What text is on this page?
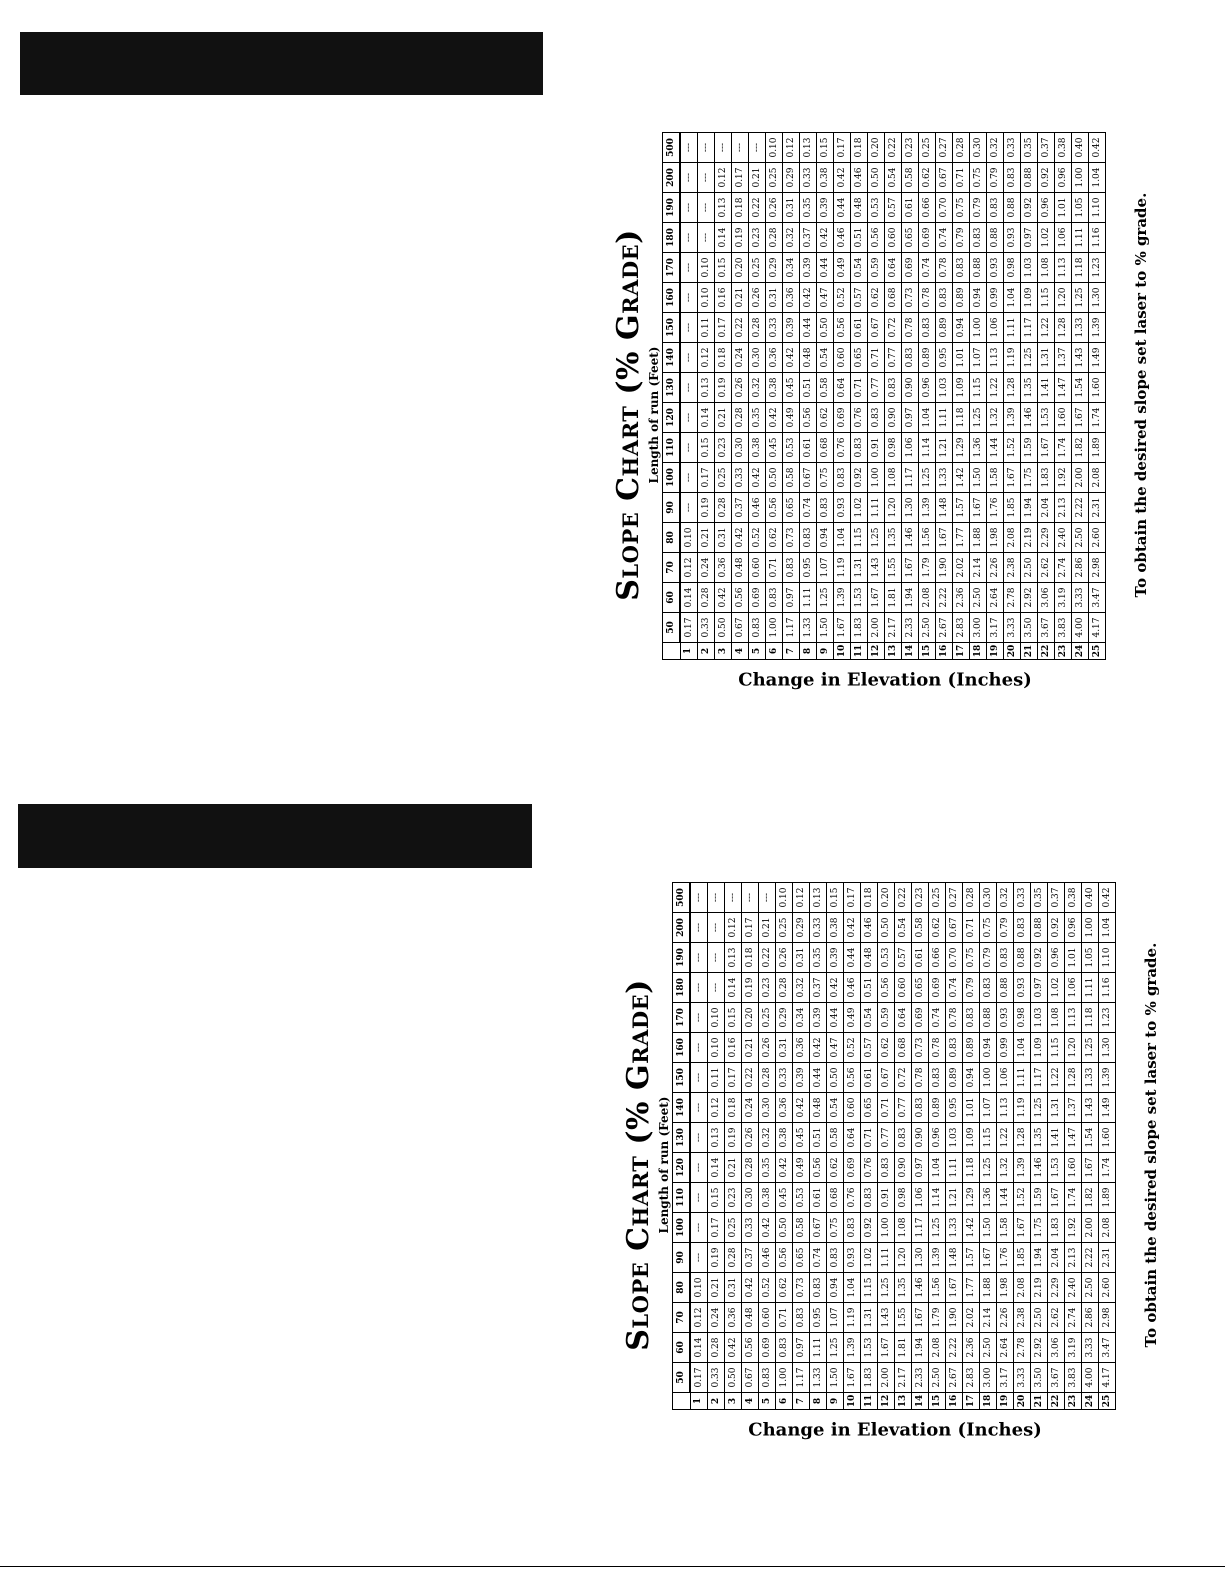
Slope Chart (% Grade) Length of run (Feet)
Change in Elevation (Inches)
	50	60	70	80	90	100	110	120	130	140	150	160	170	180	190	200	500
1	0.17	0.14	0.12	0.10	---	---	---	---	---	---	---	---	---	---	---	---	---
2	0.33	0.28	0.24	0.21	0.19	0.17	0.15	0.14	0.13	0.12	0.11	0.10	0.10	---	---	---	---
3	0.50	0.42	0.36	0.31	0.28	0.25	0.23	0.21	0.19	0.18	0.17	0.16	0.15	0.14	0.13	0.12	---
4	0.67	0.56	0.48	0.42	0.37	0.33	0.30	0.28	0.26	0.24	0.22	0.21	0.20	0.19	0.18	0.17	---
5	0.83	0.69	0.60	0.52	0.46	0.42	0.38	0.35	0.32	0.30	0.28	0.26	0.25	0.23	0.22	0.21	---
6	1.00	0.83	0.71	0.62	0.56	0.50	0.45	0.42	0.38	0.36	0.33	0.31	0.29	0.28	0.26	0.25	0.10
7	1.17	0.97	0.83	0.73	0.65	0.58	0.53	0.49	0.45	0.42	0.39	0.36	0.34	0.32	0.31	0.29	0.12
8	1.33	1.11	0.95	0.83	0.74	0.67	0.61	0.56	0.51	0.48	0.44	0.42	0.39	0.37	0.35	0.33	0.13
9	1.50	1.25	1.07	0.94	0.83	0.75	0.68	0.62	0.58	0.54	0.50	0.47	0.44	0.42	0.39	0.38	0.15
10	1.67	1.39	1.19	1.04	0.93	0.83	0.76	0.69	0.64	0.60	0.56	0.52	0.49	0.46	0.44	0.42	0.17
11	1.83	1.53	1.31	1.15	1.02	0.92	0.83	0.76	0.71	0.65	0.61	0.57	0.54	0.51	0.48	0.46	0.18
12	2.00	1.67	1.43	1.25	1.11	1.00	0.91	0.83	0.77	0.71	0.67	0.62	0.59	0.56	0.53	0.50	0.20
13	2.17	1.81	1.55	1.35	1.20	1.08	0.98	0.90	0.83	0.77	0.72	0.68	0.64	0.60	0.57	0.54	0.22
14	2.33	1.94	1.67	1.46	1.30	1.17	1.06	0.97	0.90	0.83	0.78	0.73	0.69	0.65	0.61	0.58	0.23
15	2.50	2.08	1.79	1.56	1.39	1.25	1.14	1.04	0.96	0.89	0.83	0.78	0.74	0.69	0.66	0.62	0.25
16	2.67	2.22	1.90	1.67	1.48	1.33	1.21	1.11	1.03	0.95	0.89	0.83	0.78	0.74	0.70	0.67	0.27
17	2.83	2.36	2.02	1.77	1.57	1.42	1.29	1.18	1.09	1.01	0.94	0.89	0.83	0.79	0.75	0.71	0.28
18	3.00	2.50	2.14	1.88	1.67	1.50	1.36	1.25	1.15	1.07	1.00	0.94	0.88	0.83	0.79	0.75	0.30
19	3.17	2.64	2.26	1.98	1.76	1.58	1.44	1.32	1.22	1.13	1.06	0.99	0.93	0.88	0.83	0.79	0.32
20	3.33	2.78	2.38	2.08	1.85	1.67	1.52	1.39	1.28	1.19	1.11	1.04	0.98	0.93	0.88	0.83	0.33
21	3.50	2.92	2.50	2.19	1.94	1.75	1.59	1.46	1.35	1.25	1.17	1.09	1.03	0.97	0.92	0.88	0.35
22	3.67	3.06	2.62	2.29	2.04	1.83	1.67	1.53	1.41	1.31	1.22	1.15	1.08	1.02	0.96	0.92	0.37
23	3.83	3.19	2.74	2.40	2.13	1.92	1.74	1.60	1.47	1.37	1.28	1.20	1.13	1.06	1.01	0.96	0.38
24	4.00	3.33	2.86	2.50	2.22	2.00	1.82	1.67	1.54	1.43	1.33	1.25	1.18	1.11	1.05	1.00	0.40
25	4.17	3.47	2.98	2.60	2.31	2.08	1.89	1.74	1.60	1.49	1.39	1.30	1.23	1.16	1.10	1.04	0.42
To obtain the desired slope set laser to % grade.
Slope Chart (% Grade) Length of run (Feet)
Change in Elevation (Inches)
	50	60	70	80	90	100	110	120	130	140	150	160	170	180	190	200	500
1	0.17	0.14	0.12	0.10	---	---	---	---	---	---	---	---	---	---	---	---	---
2	0.33	0.28	0.24	0.21	0.19	0.17	0.15	0.14	0.13	0.12	0.11	0.10	0.10	---	---	---	---
3	0.50	0.42	0.36	0.31	0.28	0.25	0.23	0.21	0.19	0.18	0.17	0.16	0.15	0.14	0.13	0.12	---
4	0.67	0.56	0.48	0.42	0.37	0.33	0.30	0.28	0.26	0.24	0.22	0.21	0.20	0.19	0.18	0.17	---
5	0.83	0.69	0.60	0.52	0.46	0.42	0.38	0.35	0.32	0.30	0.28	0.26	0.25	0.23	0.22	0.21	---
6	1.00	0.83	0.71	0.62	0.56	0.50	0.45	0.42	0.38	0.36	0.33	0.31	0.29	0.28	0.26	0.25	0.10
7	1.17	0.97	0.83	0.73	0.65	0.58	0.53	0.49	0.45	0.42	0.39	0.36	0.34	0.32	0.31	0.29	0.12
8	1.33	1.11	0.95	0.83	0.74	0.67	0.61	0.56	0.51	0.48	0.44	0.42	0.39	0.37	0.35	0.33	0.13
9	1.50	1.25	1.07	0.94	0.83	0.75	0.68	0.62	0.58	0.54	0.50	0.47	0.44	0.42	0.39	0.38	0.15
10	1.67	1.39	1.19	1.04	0.93	0.83	0.76	0.69	0.64	0.60	0.56	0.52	0.49	0.46	0.44	0.42	0.17
11	1.83	1.53	1.31	1.15	1.02	0.92	0.83	0.76	0.71	0.65	0.61	0.57	0.54	0.51	0.48	0.46	0.18
12	2.00	1.67	1.43	1.25	1.11	1.00	0.91	0.83	0.77	0.71	0.67	0.62	0.59	0.56	0.53	0.50	0.20
13	2.17	1.81	1.55	1.35	1.20	1.08	0.98	0.90	0.83	0.77	0.72	0.68	0.64	0.60	0.57	0.54	0.22
14	2.33	1.94	1.67	1.46	1.30	1.17	1.06	0.97	0.90	0.83	0.78	0.73	0.69	0.65	0.61	0.58	0.23
15	2.50	2.08	1.79	1.56	1.39	1.25	1.14	1.04	0.96	0.89	0.83	0.78	0.74	0.69	0.66	0.62	0.25
16	2.67	2.22	1.90	1.67	1.48	1.33	1.21	1.11	1.03	0.95	0.89	0.83	0.78	0.74	0.70	0.67	0.27
17	2.83	2.36	2.02	1.77	1.57	1.42	1.29	1.18	1.09	1.01	0.94	0.89	0.83	0.79	0.75	0.71	0.28
18	3.00	2.50	2.14	1.88	1.67	1.50	1.36	1.25	1.15	1.07	1.00	0.94	0.88	0.83	0.79	0.75	0.30
19	3.17	2.64	2.26	1.98	1.76	1.58	1.44	1.32	1.22	1.13	1.06	0.99	0.93	0.88	0.83	0.79	0.32
20	3.33	2.78	2.38	2.08	1.85	1.67	1.52	1.39	1.28	1.19	1.11	1.04	0.98	0.93	0.88	0.83	0.33
21	3.50	2.92	2.50	2.19	1.94	1.75	1.59	1.46	1.35	1.25	1.17	1.09	1.03	0.97	0.92	0.88	0.35
22	3.67	3.06	2.62	2.29	2.04	1.83	1.67	1.53	1.41	1.31	1.22	1.15	1.08	1.02	0.96	0.92	0.37
23	3.83	3.19	2.74	2.40	2.13	1.92	1.74	1.60	1.47	1.37	1.28	1.20	1.13	1.06	1.01	0.96	0.38
24	4.00	3.33	2.86	2.50	2.22	2.00	1.82	1.67	1.54	1.43	1.33	1.25	1.18	1.11	1.05	1.00	0.40
25	4.17	3.47	2.98	2.60	2.31	2.08	1.89	1.74	1.60	1.49	1.39	1.30	1.23	1.16	1.10	1.04	0.42
To obtain the desired slope set laser to % grade.
